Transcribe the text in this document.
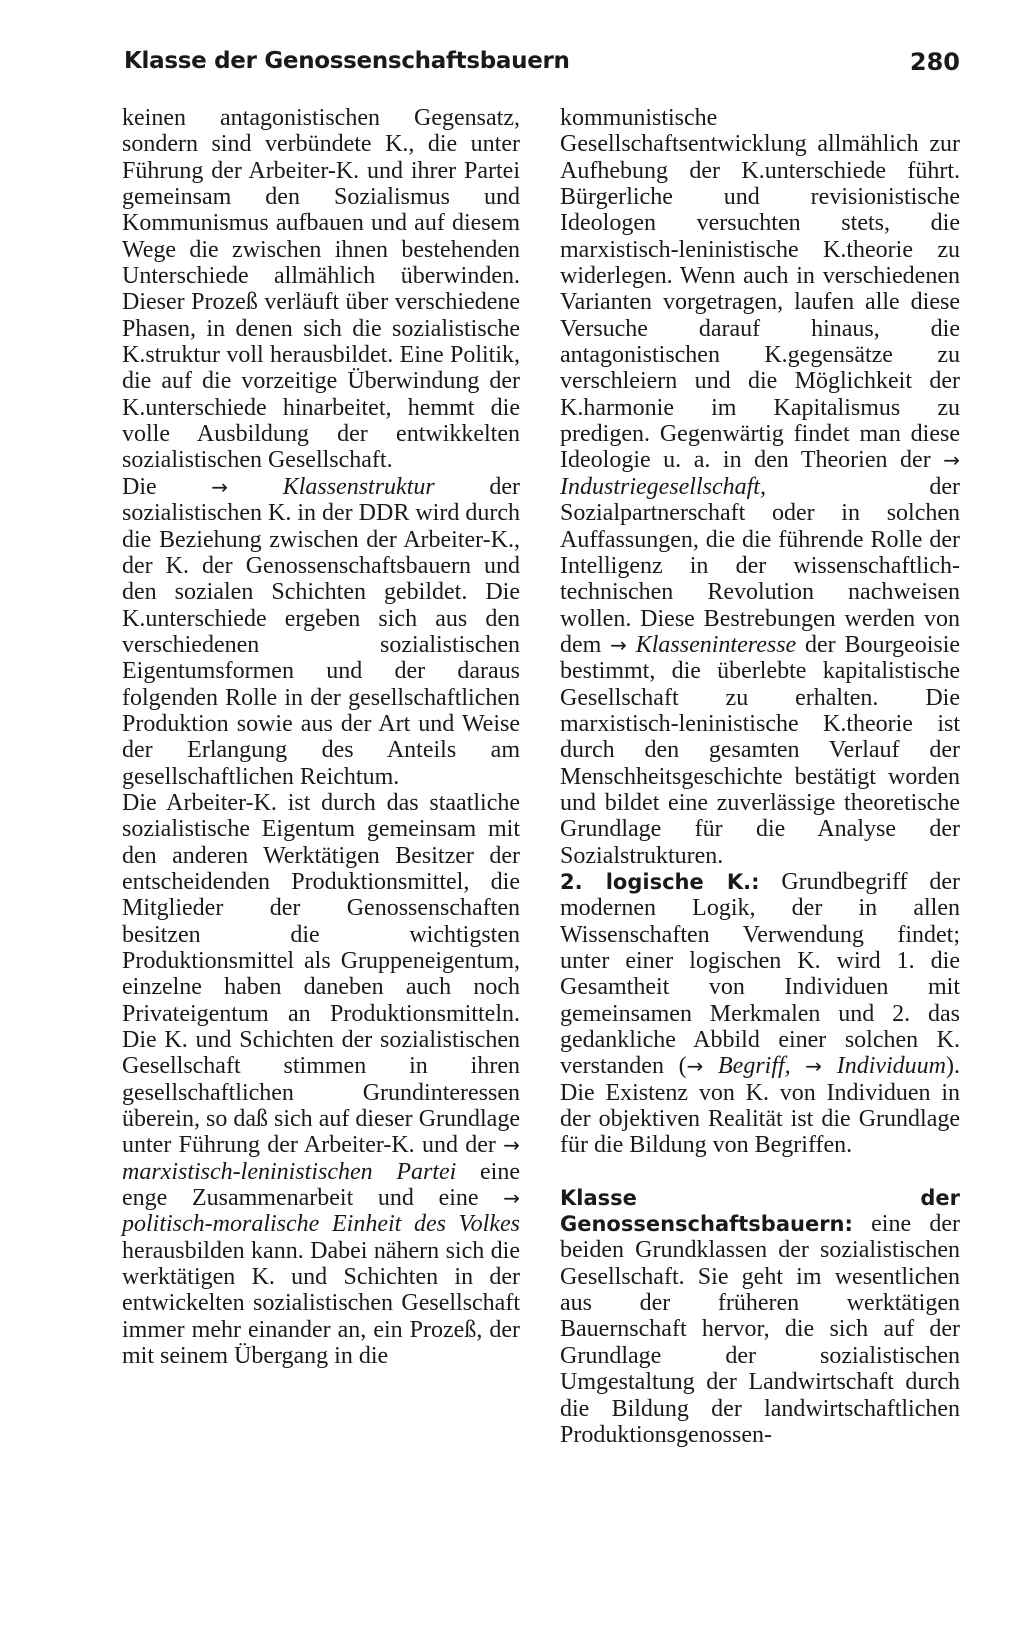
Klasse der Genossenschaftsbauern	280

keinen antagonistischen Gegensatz, sondern sind verbündete K., die unter Führung der Arbeiter-K. und ihrer Partei gemeinsam den Sozialismus und Kommunismus aufbauen und auf diesem Wege die zwischen ihnen bestehenden Unterschiede allmählich überwinden. Dieser Prozeß verläuft über verschiedene Phasen, in denen sich die sozialistische K.struktur voll herausbildet. Eine Politik, die auf die vorzeitige Überwindung der K.unterschiede hinarbeitet, hemmt die volle Ausbildung der entwikkelten sozialistischen Gesellschaft.

Die	→ Klassenstruktur der sozialistischen K. in der DDR wird durch die Beziehung zwischen der Arbeiter-K., der K. der Genossenschaftsbauern und den sozialen Schichten gebildet. Die K.unterschiede ergeben sich aus den verschiedenen sozialistischen Eigentumsformen und der daraus folgenden Rolle in der gesellschaftlichen Produktion sowie aus der Art und Weise der Erlangung des Anteils am gesellschaftlichen Reichtum.

Die Arbeiter-K. ist durch das staatliche sozialistische Eigentum gemeinsam mit den anderen Werktätigen Besitzer der entscheidenden Produktionsmittel, die Mitglieder der Genossenschaften besitzen die wichtigsten Produktionsmittel als Gruppeneigentum, einzelne haben daneben auch noch Privateigentum an Produktionsmitteln. Die K. und Schichten der sozialistischen Gesellschaft stimmen in ihren gesellschaftlichen Grundinteressen überein, so daß sich auf dieser Grundlage unter Führung der Arbeiter-K. und der → marxistisch-leninistischen Partei eine enge Zusammenarbeit und eine → politisch-moralische Einheit des Volkes herausbilden kann. Dabei nähern sich die werktätigen K. und Schichten in der entwickelten sozialistischen Gesellschaft immer mehr einander an, ein Prozeß, der mit seinem Übergang in die

kommunistische Gesellschaftsentwicklung allmählich zur Aufhebung der K.unterschiede führt. Bürgerliche und revisionistische Ideologen versuchten stets, die marxistisch-leninistische K.theorie zu widerlegen. Wenn auch in verschiedenen Varianten vorgetragen, laufen alle diese Versuche darauf hinaus, die antagonistischen K.gegensätze zu verschleiern und die Möglichkeit der K.harmonie im Kapitalismus zu predigen. Gegenwärtig findet man diese Ideologie u. a. in den Theorien der → Industriegesellschaft,	der Sozialpartnerschaft oder in solchen Auffassungen, die die führende Rolle der Intelligenz in der wissenschaftlich-technischen Revolution nachweisen wollen. Diese Bestrebungen werden von dem → Klasseninteresse der Bourgeoisie bestimmt, die überlebte kapitalistische Gesellschaft zu erhalten. Die marxistisch-leninistische K.theorie ist durch den gesamten Verlauf der Menschheitsgeschichte bestätigt worden und bildet eine zuverlässige theoretische Grundlage für die Analyse der Sozialstrukturen.

2. logische K.: Grundbegriff der modernen Logik, der in allen Wissenschaften Verwendung findet; unter einer logischen K. wird 1. die Gesamtheit von Individuen mit gemeinsamen Merkmalen und 2. das gedankliche Abbild einer solchen K. verstanden (→ Begriff, → Individuum). Die Existenz von K. von Individuen in der objektiven Realität ist die Grundlage für die Bildung von Begriffen.

Klasse der Genossenschaftsbauern: eine der beiden Grundklassen der sozialistischen Gesellschaft. Sie geht im wesentlichen aus der früheren werktätigen Bauernschaft hervor, die sich auf der Grundlage der sozialistischen Umgestaltung der Landwirtschaft durch die Bildung der landwirtschaftlichen Produktionsgenossen-
